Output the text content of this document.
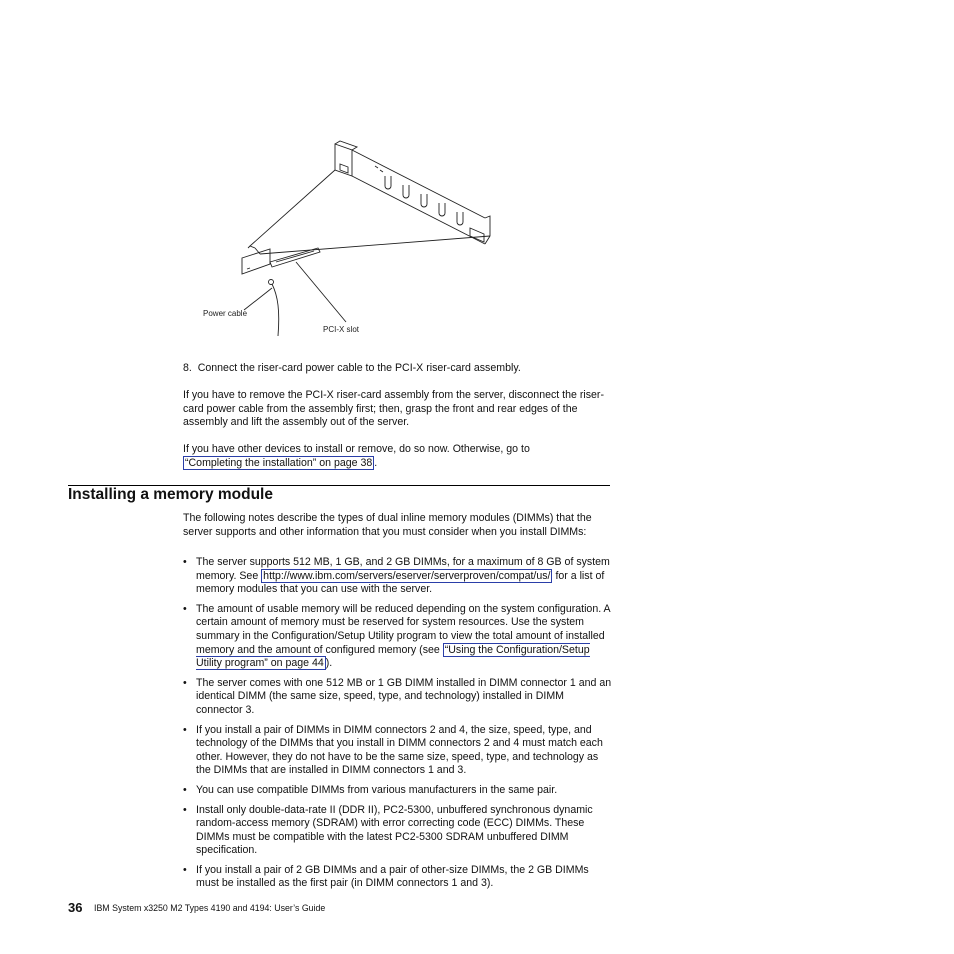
Power cable
PCI-X slot
8. Connect the riser-card power cable to the PCI-X riser-card assembly.
If you have to remove the PCI-X riser-card assembly from the server, disconnect the riser-card power cable from the assembly first; then, grasp the front and rear edges of the assembly and lift the assembly out of the server.
If you have other devices to install or remove, do so now. Otherwise, go to
“Completing the installation” on page 38 .
Installing a memory module
The following notes describe the types of dual inline memory modules (DIMMs) that the server supports and other information that you must consider when you install DIMMs:
• The server supports 512 MB, 1 GB, and 2 GB DIMMs, for a maximum of 8 GB of system memory. See http://www.ibm.com/servers/eserver/serverproven/compat/us/ for a list of memory modules that you can use with the server.
• The amount of usable memory will be reduced depending on the system configuration. A certain amount of memory must be reserved for system resources. Use the system summary in the Configuration/Setup Utility program to view the total amount of installed memory and the amount of configured memory (see “Using the Configuration/Setup Utility program” on page 44 ).
• The server comes with one 512 MB or 1 GB DIMM installed in DIMM connector 1 and an identical DIMM (the same size, speed, type, and technology) installed in DIMM connector 3.
• If you install a pair of DIMMs in DIMM connectors 2 and 4, the size, speed, type, and technology of the DIMMs that you install in DIMM connectors 2 and 4 must match each other. However, they do not have to be the same size, speed, type, and technology as the DIMMs that are installed in DIMM connectors 1 and 3.
• You can use compatible DIMMs from various manufacturers in the same pair.
• Install only double-data-rate II (DDR II), PC2-5300, unbuffered synchronous dynamic random-access memory (SDRAM) with error correcting code (ECC) DIMMs. These DIMMs must be compatible with the latest PC2-5300 SDRAM unbuffered DIMM specification.
• If you install a pair of 2 GB DIMMs and a pair of other-size DIMMs, the 2 GB DIMMs must be installed as the first pair (in DIMM connectors 1 and 3).
36 IBM System x3250 M2 Types 4190 and 4194: User’s Guide
